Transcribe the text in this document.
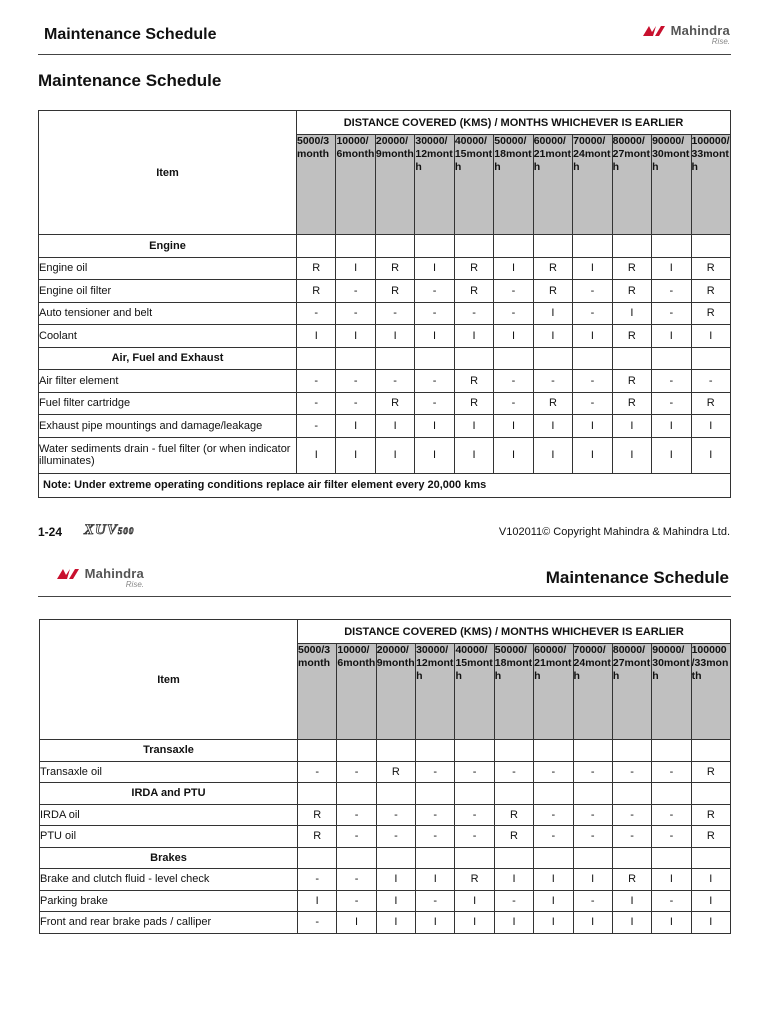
Maintenance Schedule	Mahindra
Rise.
Maintenance Schedule
Item	DISTANCE COVERED (KMS) / MONTHS WHICHEVER IS EARLIER										
	5000/3 month	10000/ 6month	20000/ 9month	30000/ 12month	40000/ 15month	50000/ 18month	60000/ 21month	70000/ 24month	80000/ 27month	90000/ 30month	100000/ 33month
Engine											
Engine oil	R	I	R	I	R	I	R	I	R	I	R
Engine oil filter	R	-	R	-	R	-	R	-	R	-	R
Auto tensioner and belt	-	-	-	-	-	-	I	-	I	-	R
Coolant	I	I	I	I	I	I	I	I	R	I	I
Air, Fuel and Exhaust											
Air filter element	-	-	-	-	R	-	-	-	R	-	-
Fuel filter cartridge	-	-	R	-	R	-	R	-	R	-	R
Exhaust pipe mountings and damage/leakage	-	I	I	I	I	I	I	I	I	I	I
Water sediments drain - fuel filter (or when indicator illuminates)	I	I	I	I	I	I	I	I	I	I	I
Note: Under extreme operating conditions replace air filter element every 20,000 kms											
1-24 XUV500	V102011© Copyright Mahindra & Mahindra Ltd.
Mahindra
Rise.	Maintenance Schedule
Item	DISTANCE COVERED (KMS) / MONTHS WHICHEVER IS EARLIER										
	5000/3 month	10000/ 6month	20000/ 9month	30000/ 12month	40000/ 15month	50000/ 18month	60000/ 21month	70000/ 24month	80000/ 27month	90000/ 30month	100000 /33month
Transaxle											
Transaxle oil	-	-	R	-	-	-	-	-	-	-	R
IRDA and PTU											
IRDA oil	R	-	-	-	-	R	-	-	-	-	R
PTU oil	R	-	-	-	-	R	-	-	-	-	R
Brakes											
Brake and clutch fluid - level check	-	-	I	I	R	I	I	I	R	I	I
Parking brake	I	-	I	-	I	-	I	-	I	-	I
Front and rear brake pads / calliper	-	I	I	I	I	I	I	I	I	I	I
